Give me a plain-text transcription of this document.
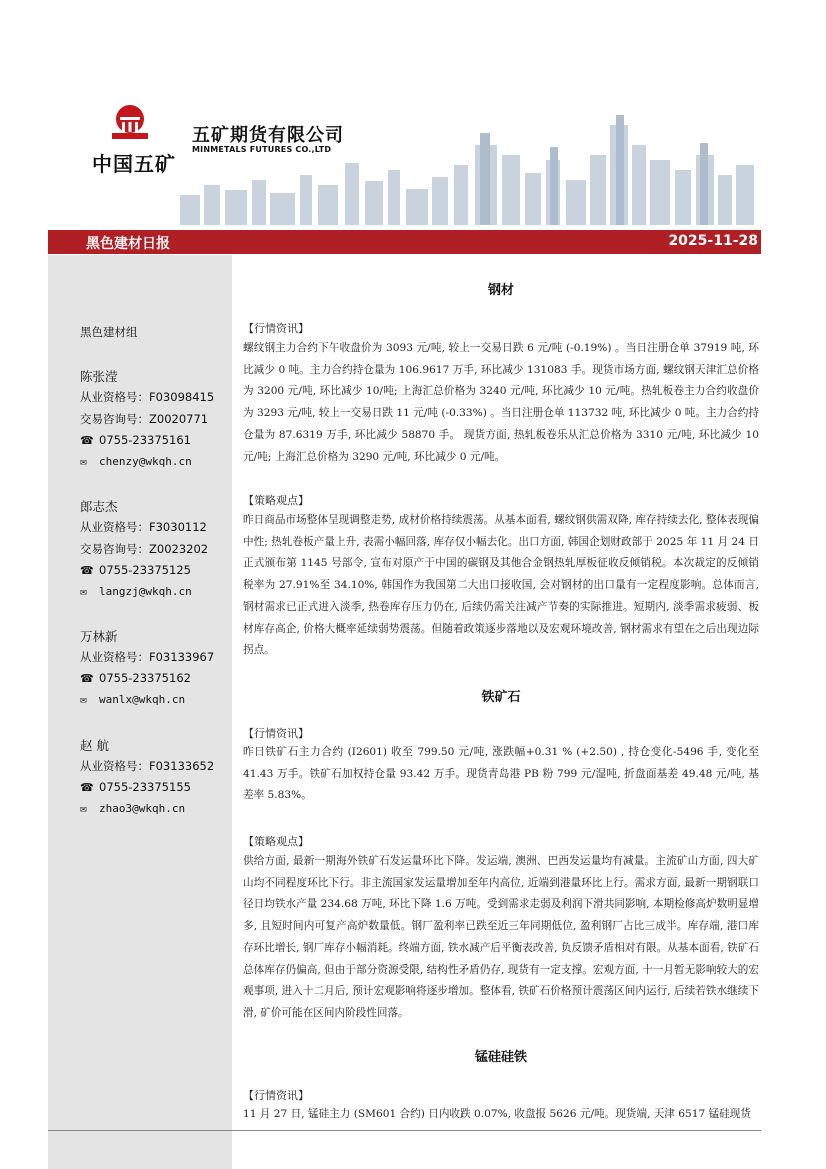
中国五矿
五矿期货有限公司
MINMETALS FUTURES CO.,LTD
黑色建材日报	2025-11-28
黑色建材组
陈张滢
从业资格号：F03098415
交易咨询号：Z0020771
☎ 0755-23375161
✉ chenzy@wkqh.cn
郎志杰
从业资格号：F3030112
交易咨询号：Z0023202
☎ 0755-23375125
✉ langzj@wkqh.cn
万林新
从业资格号：F03133967
☎ 0755-23375162
✉ wanlx@wkqh.cn
赵 航
从业资格号：F03133652
☎ 0755-23375155
✉ zhao3@wkqh.cn
钢材
【行情资讯】
螺纹钢主力合约下午收盘价为 3093 元/吨, 较上一交易日跌 6 元/吨 (-0.19%) 。当日注册仓单 37919 吨, 环比减少 0 吨。主力合约持仓量为 106.9617 万手, 环比减少 131083 手。现货市场方面, 螺纹钢天津汇总价格为 3200 元/吨, 环比减少 10/吨; 上海汇总价格为 3240 元/吨, 环比减少 10 元/吨。热轧板卷主力合约收盘价为 3293 元/吨, 较上一交易日跌 11 元/吨 (-0.33%) 。当日注册仓单 113732 吨, 环比减少 0 吨。主力合约持仓量为 87.6319 万手, 环比减少 58870 手。 现货方面, 热轧板卷乐从汇总价格为 3310 元/吨, 环比减少 10 元/吨; 上海汇总价格为 3290 元/吨, 环比减少 0 元/吨。
【策略观点】
昨日商品市场整体呈现调整走势, 成材价格持续震荡。从基本面看, 螺纹钢供需双降, 库存持续去化, 整体表现偏中性; 热轧卷板产量上升, 表需小幅回落, 库存仅小幅去化。出口方面, 韩国企划财政部于 2025 年 11 月 24 日正式颁布第 1145 号部令, 宣布对原产于中国的碳钢及其他合金钢热轧厚板征收反倾销税。本次裁定的反倾销税率为 27.91%至 34.10%, 韩国作为我国第二大出口接收国, 会对钢材的出口量有一定程度影响。总体而言, 钢材需求已正式进入淡季, 热卷库存压力仍在, 后续仍需关注减产节奏的实际推进。短期内, 淡季需求疲弱、板材库存高企, 价格大概率延续弱势震荡。但随着政策逐步落地以及宏观环境改善, 钢材需求有望在之后出现边际拐点。
铁矿石
【行情资讯】
昨日铁矿石主力合约 (I2601) 收至 799.50 元/吨, 涨跌幅+0.31 % (+2.50) , 持仓变化-5496 手, 变化至 41.43 万手。铁矿石加权持仓量 93.42 万手。现货青岛港 PB 粉 799 元/湿吨, 折盘面基差 49.48 元/吨, 基差率 5.83%。
【策略观点】
供给方面, 最新一期海外铁矿石发运量环比下降。发运端, 澳洲、巴西发运量均有减量。主流矿山方面, 四大矿山均不同程度环比下行。非主流国家发运量增加至年内高位, 近端到港量环比上行。需求方面, 最新一期钢联口径日均铁水产量 234.68 万吨, 环比下降 1.6 万吨。受到需求走弱及利润下滑共同影响, 本期检修高炉数明显增多, 且短时间内可复产高炉数量低。钢厂盈利率已跌至近三年同期低位, 盈利钢厂占比三成半。库存端, 港口库存环比增长, 钢厂库存小幅消耗。终端方面, 铁水减产后平衡表改善, 负反馈矛盾相对有限。从基本面看, 铁矿石总体库存仍偏高, 但由于部分资源受限, 结构性矛盾仍存, 现货有一定支撑。宏观方面, 十一月暂无影响较大的宏观事项, 进入十二月后, 预计宏观影响将逐步增加。整体看, 铁矿石价格预计震荡区间内运行, 后续若铁水继续下滑, 矿价可能在区间内阶段性回落。
锰硅硅铁
【行情资讯】
11 月 27 日, 锰硅主力 (SM601 合约) 日内收跌 0.07%, 收盘报 5626 元/吨。现货端, 天津 6517 锰硅现货
